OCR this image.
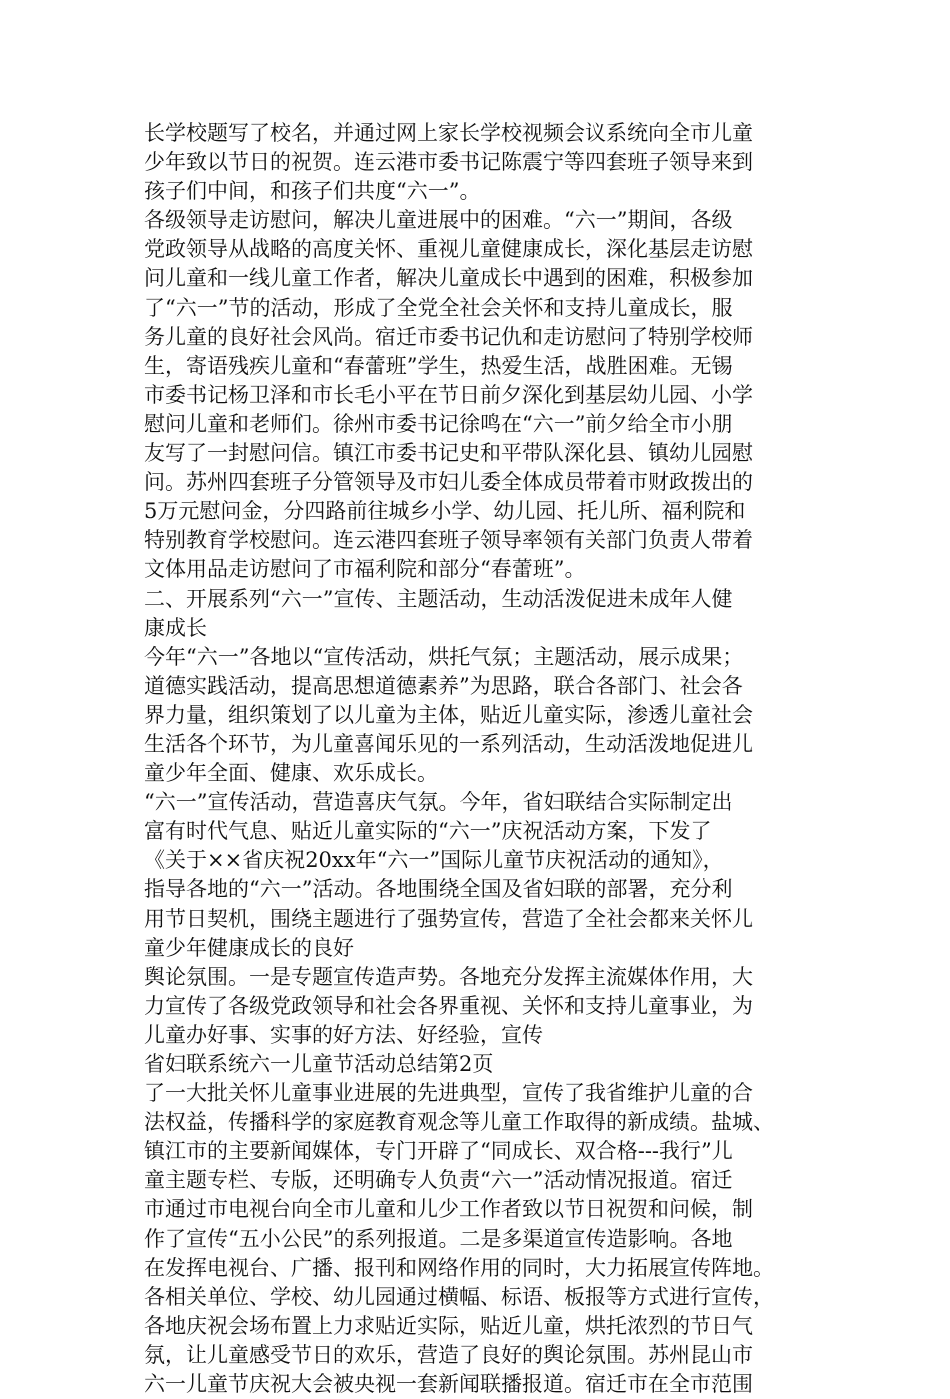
长学校题写了校名，并通过网上家长学校视频会议系统向全市儿童
少年致以节日的祝贺。连云港市委书记陈震宁等四套班子领导来到
孩子们中间，和孩子们共度“六一”。
各级领导走访慰问，解决儿童进展中的困难。“六一”期间，各级
党政领导从战略的高度关怀、重视儿童健康成长，深化基层走访慰
问儿童和一线儿童工作者，解决儿童成长中遇到的困难，积极参加
了“六一”节的活动，形成了全党全社会关怀和支持儿童成长，服
务儿童的良好社会风尚。宿迁市委书记仇和走访慰问了特别学校师
生，寄语残疾儿童和“春蕾班”学生，热爱生活，战胜困难。无锡
市委书记杨卫泽和市长毛小平在节日前夕深化到基层幼儿园、小学
慰问儿童和老师们。徐州市委书记徐鸣在“六一”前夕给全市小朋
友写了一封慰问信。镇江市委书记史和平带队深化县、镇幼儿园慰
问。苏州四套班子分管领导及市妇儿委全体成员带着市财政拨出的
5万元慰问金，分四路前往城乡小学、幼儿园、托儿所、福利院和
特别教育学校慰问。连云港四套班子领导率领有关部门负责人带着
文体用品走访慰问了市福利院和部分“春蕾班”。
二、开展系列“六一”宣传、主题活动，生动活泼促进未成年人健
康成长
今年“六一”各地以“宣传活动，烘托气氛；主题活动，展示成果；
道德实践活动，提高思想道德素养”为思路，联合各部门、社会各
界力量，组织策划了以儿童为主体，贴近儿童实际，渗透儿童社会
生活各个环节，为儿童喜闻乐见的一系列活动，生动活泼地促进儿
童少年全面、健康、欢乐成长。
“六一”宣传活动，营造喜庆气氛。今年，省妇联结合实际制定出
富有时代气息、贴近儿童实际的“六一”庆祝活动方案，下发了
《关于××省庆祝20xx年“六一”国际儿童节庆祝活动的通知》，
指导各地的“六一”活动。各地围绕全国及省妇联的部署，充分利
用节日契机，围绕主题进行了强势宣传，营造了全社会都来关怀儿
童少年健康成长的良好
舆论氛围。一是专题宣传造声势。各地充分发挥主流媒体作用，大
力宣传了各级党政领导和社会各界重视、关怀和支持儿童事业，为
儿童办好事、实事的好方法、好经验，宣传
省妇联系统六一儿童节活动总结第2页
了一大批关怀儿童事业进展的先进典型，宣传了我省维护儿童的合
法权益，传播科学的家庭教育观念等儿童工作取得的新成绩。盐城、
镇江市的主要新闻媒体，专门开辟了“同成长、双合格---我行”儿
童主题专栏、专版，还明确专人负责“六一”活动情况报道。宿迁
市通过市电视台向全市儿童和儿少工作者致以节日祝贺和问候，制
作了宣传“五小公民”的系列报道。二是多渠道宣传造影响。各地
在发挥电视台、广播、报刊和网络作用的同时，大力拓展宣传阵地。
各相关单位、学校、幼儿园通过横幅、标语、板报等方式进行宣传，
各地庆祝会场布置上力求贴近实际，贴近儿童，烘托浓烈的节日气
氛，让儿童感受节日的欢乐，营造了良好的舆论氛围。苏州昆山市
六一儿童节庆祝大会被央视一套新闻联播报道。宿迁市在全市范围
